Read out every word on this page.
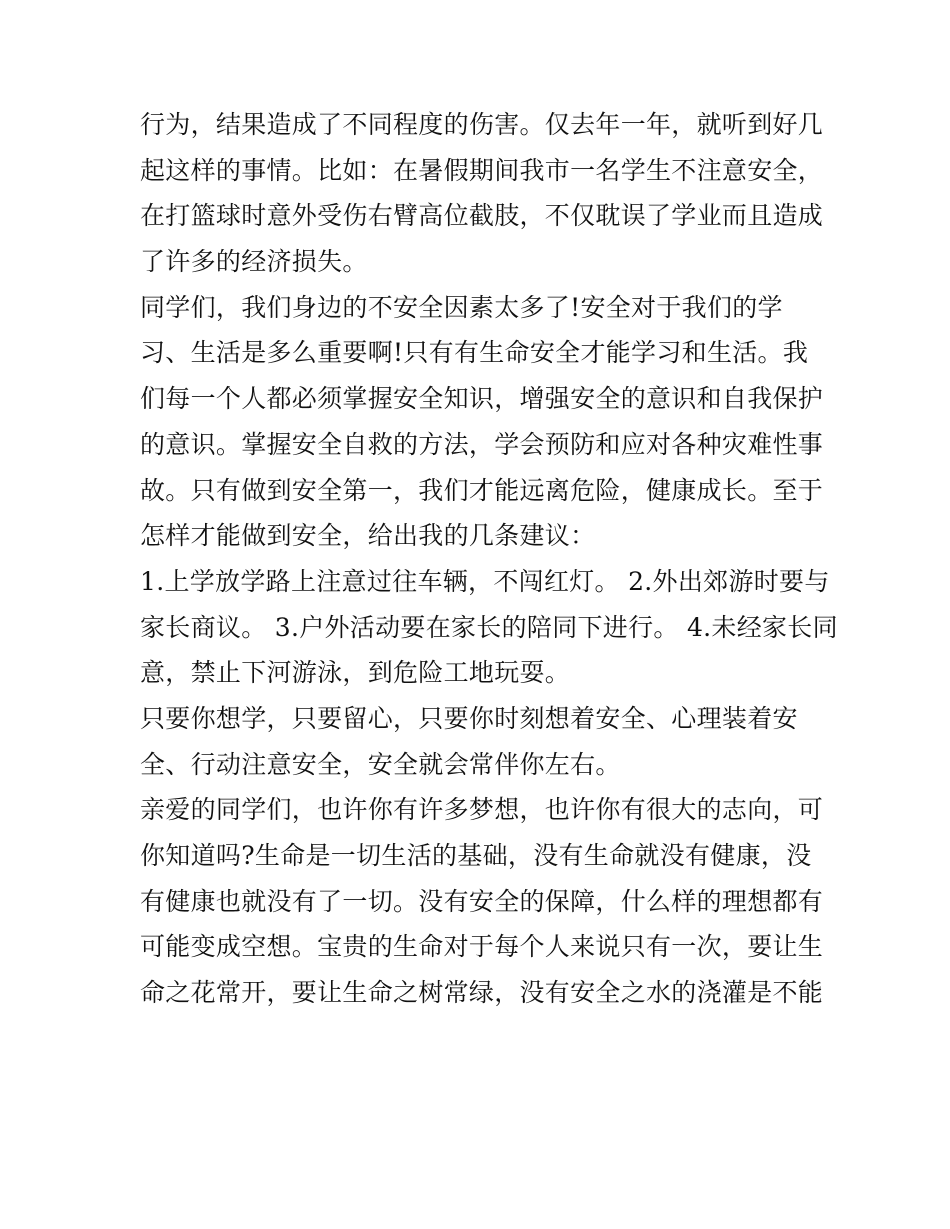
行为，结果造成了不同程度的伤害。仅去年一年，就听到好几
起这样的事情。比如：在暑假期间我市一名学生不注意安全，
在打篮球时意外受伤右臂高位截肢，不仅耽误了学业而且造成
了许多的经济损失。
同学们，我们身边的不安全因素太多了!安全对于我们的学
习、生活是多么重要啊!只有有生命安全才能学习和生活。我
们每一个人都必须掌握安全知识，增强安全的意识和自我保护
的意识。掌握安全自救的方法，学会预防和应对各种灾难性事
故。只有做到安全第一，我们才能远离危险，健康成长。至于
怎样才能做到安全，给出我的几条建议：
1.上学放学路上注意过往车辆，不闯红灯。 2.外出郊游时要与
家长商议。 3.户外活动要在家长的陪同下进行。 4.未经家长同
意，禁止下河游泳，到危险工地玩耍。
只要你想学，只要留心，只要你时刻想着安全、心理装着安
全、行动注意安全，安全就会常伴你左右。
亲爱的同学们，也许你有许多梦想，也许你有很大的志向，可
你知道吗?生命是一切生活的基础，没有生命就没有健康，没
有健康也就没有了一切。没有安全的保障，什么样的理想都有
可能变成空想。宝贵的生命对于每个人来说只有一次，要让生
命之花常开，要让生命之树常绿，没有安全之水的浇灌是不能
